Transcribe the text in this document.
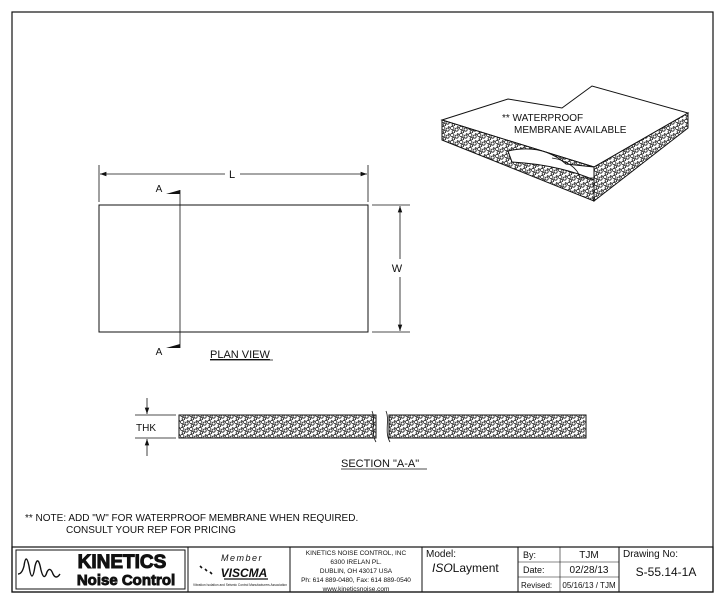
L
W
A
A	PLAN VIEW
** WATERPROOF
MEMBRANE AVAILABLE
THK
SECTION "A-A"
** NOTE: ADD "W" FOR WATERPROOF MEMBRANE WHEN REQUIRED.
CONSULT YOUR REP FOR PRICING
KINETICS
Noise Control
Member
VISCMA
Vibration Isolation and Seismic Control Manufacturers Association
KINETICS NOISE CONTROL, INC
6300 IRELAN PL.
DUBLIN, OH 43017 USA
Ph: 614 889-0480, Fax: 614 889-0540
www.kineticsnoise.com
Model:
ISOLayment
By:	TJM
Date:	02/28/13
Revised: 05/16/13 / TJM
Drawing No:
S-55.14-1A
